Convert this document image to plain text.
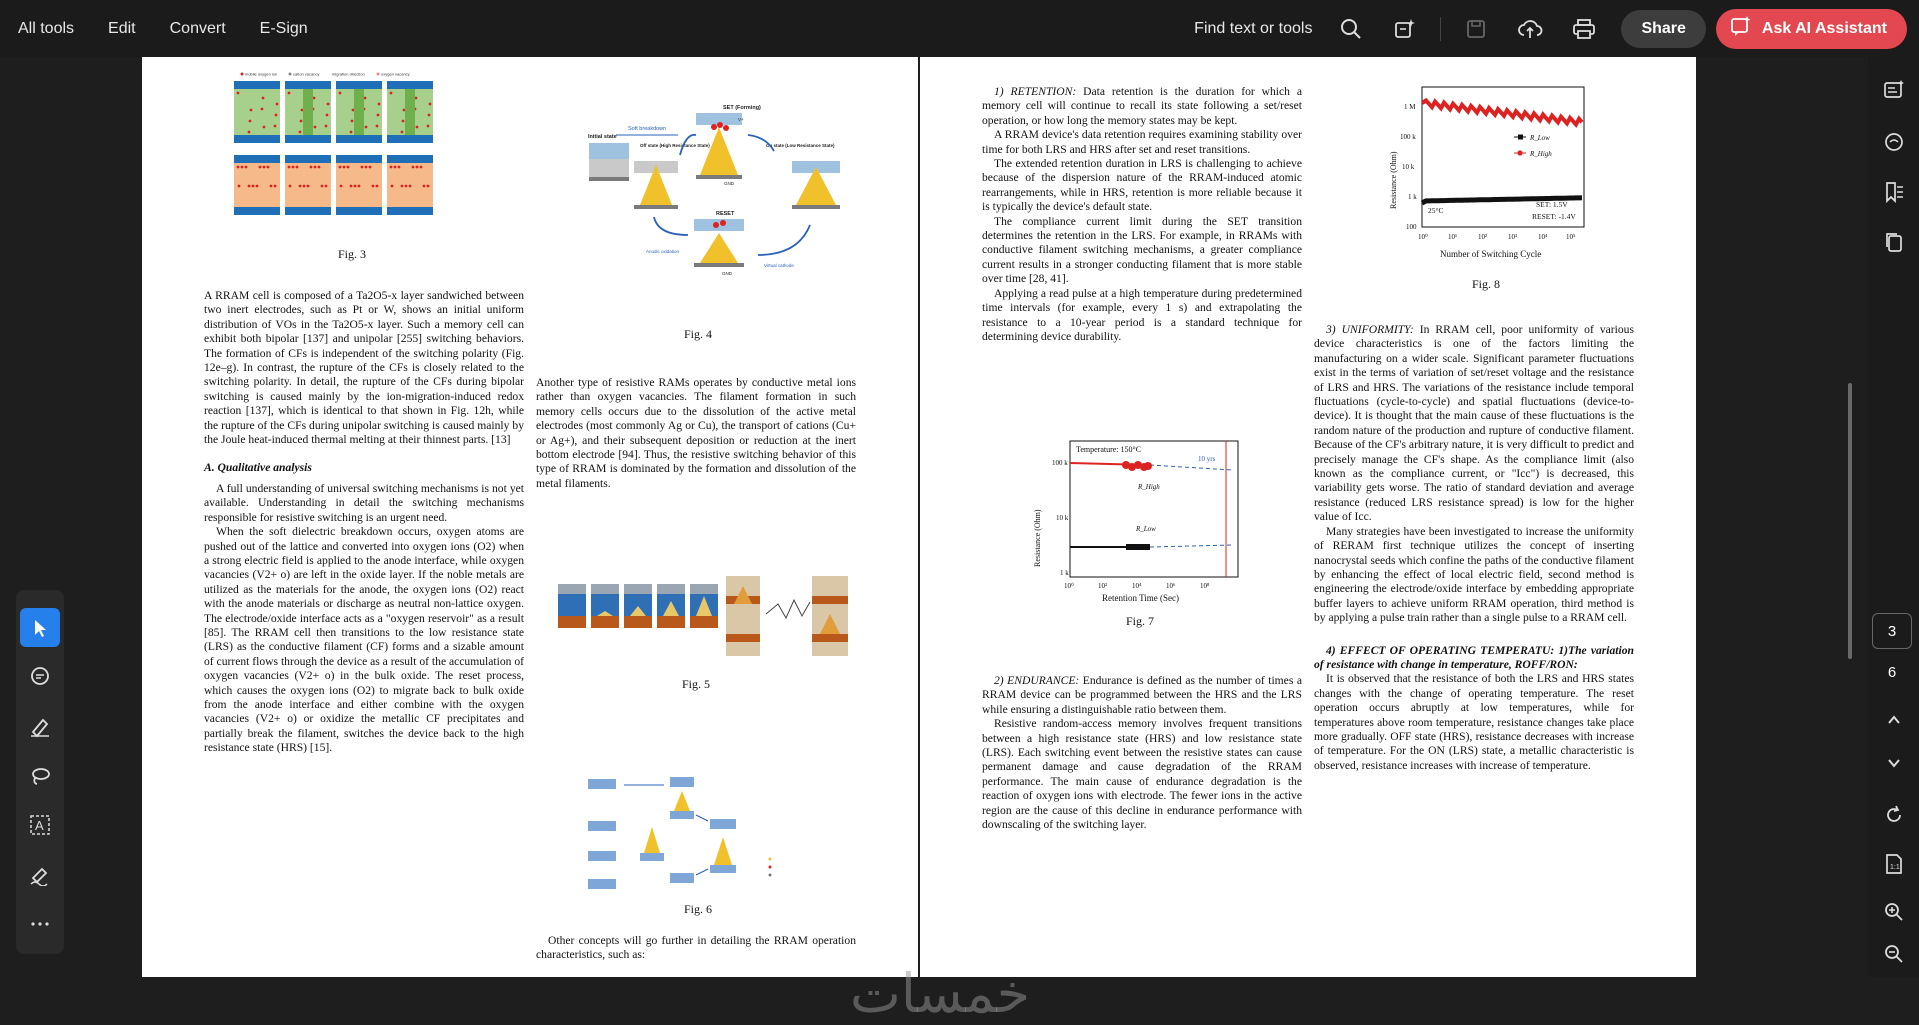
All tools Edit Convert E-Sign	Find text or tools	Share	Ask AI Assistant
mobile oxygen ion	cation vacancy	migration direction	oxygen vacancy
Fig. 3
Soft breakdown
SET (Forming)
Initial state
Off state (High Resistance State)
GND
V+
On state (Low Resistance State)
RESET
GND
Anodic oxidation
Virtual cathode
Fig. 4

A RRAM cell is composed of a Ta2O5-x layer sandwiched between two inert electrodes, such as Pt or W, shows an initial uniform distribution of VOs in the Ta2O5-x layer. Such a memory cell can exhibit both bipolar [137] and unipolar [255] switching behaviors. The formation of CFs is independent of the switching polarity (Fig. 12e–g). In contrast, the rupture of the CFs is closely related to the switching polarity. In detail, the rupture of the CFs during bipolar switching is caused mainly by the ion-migration-induced redox reaction [137], which is identical to that shown in Fig. 12h, while the rupture of the CFs during unipolar switching is caused mainly by the Joule heat-induced thermal melting at their thinnest parts. [13]

A. Qualitative analysis

A full understanding of universal switching mechanisms is not yet available. Understanding in detail the switching mechanisms responsible for resistive switching is an urgent need.

When the soft dielectric breakdown occurs, oxygen atoms are pushed out of the lattice and converted into oxygen ions (O2) when a strong electric field is applied to the anode interface, while oxygen vacancies (V2+ o) are left in the oxide layer. If the noble metals are utilized as the materials for the anode, the oxygen ions (O2) react with the anode materials or discharge as neutral non-lattice oxygen. The electrode/oxide interface acts as a "oxygen reservoir" as a result [85]. The RRAM cell then transitions to the low resistance state (LRS) as the conductive filament (CF) forms and a sizable amount of current flows through the device as a result of the accumulation of oxygen vacancies (V2+ o) in the bulk oxide. The reset process, which causes the oxygen ions (O2) to migrate back to bulk oxide from the anode interface and either combine with the oxygen vacancies (V2+ o) or oxidize the metallic CF precipitates and partially break the filament, switches the device back to the high resistance state (HRS) [15].

Another type of resistive RAMs operates by conductive metal ions rather than oxygen vacancies. The filament formation in such memory cells occurs due to the dissolution of the active metal electrodes (most commonly Ag or Cu), the transport of cations (Cu+ or Ag+), and their subsequent deposition or reduction at the inert bottom electrode [94]. Thus, the resistive switching behavior of this type of RRAM is dominated by the formation and dissolution of the metal filaments.

Fig. 5
Fig. 6

Other concepts will go further in detailing the RRAM operation characteristics, such as:

1) RETENTION: Data retention is the duration for which a memory cell will continue to recall its state following a set/reset operation, or how long the memory states may be kept.

A RRAM device's data retention requires examining stability over time for both LRS and HRS after set and reset transitions.

The extended retention duration in LRS is challenging to achieve because of the dispersion nature of the RRAM-induced atomic rearrangements, while in HRS, retention is more reliable because it is typically the device's default state.

The compliance current limit during the SET transition determines the retention in the LRS. For example, in RRAMs with conductive filament switching mechanisms, a greater compliance current results in a stronger conducting filament that is more stable over time [28, 41].

Applying a read pulse at a high temperature during predetermined time intervals (for example, every 1 s) and extrapolating the resistance to a 10-year period is a standard technique for determining device durability.

Temperature: 150°C
Resistance (Ohm)
Retention Time (Sec)
100 k
10 k
1 k
10⁰	10²	10⁴	10⁶	10⁸
10 yrs
R_High
R_Low
Fig. 7

2) ENDURANCE: Endurance is defined as the number of times a RRAM device can be programmed between the HRS and the LRS while ensuring a distinguishable ratio between them.

Resistive random-access memory involves frequent transitions between a high resistance state (HRS) and low resistance state (LRS). Each switching event between the resistive states can cause permanent damage and cause degradation of the RRAM performance. The main cause of endurance degradation is the reaction of oxygen ions with electrode. The fewer ions in the active region are the cause of this decline in endurance performance with downscaling of the switching layer.

Resistance (Ohm)
Number of Switching Cycle
1 M
100 k
10 k
1 k
100
10⁰	10¹	10²	10³	10⁴	10⁵
R_Low
R_High
25°C
SET: 1.5V
RESET: -1.4V
Fig. 8

3) UNIFORMITY: In RRAM cell, poor uniformity of various device characteristics is one of the factors limiting the manufacturing on a wider scale. Significant parameter fluctuations exist in the terms of variation of set/reset voltage and the resistance of LRS and HRS. The variations of the resistance include temporal fluctuations (cycle-to-cycle) and spatial fluctuations (device-to-device). It is thought that the main cause of these fluctuations is the random nature of the production and rupture of conductive filament. Because of the CF's arbitrary nature, it is very difficult to predict and precisely manage the CF's shape. As the compliance limit (also known as the compliance current, or "Icc") is decreased, this variability gets worse. The ratio of standard deviation and average resistance (reduced LRS resistance spread) is low for the higher value of Icc.

Many strategies have been investigated to increase the uniformity of RERAM first technique utilizes the concept of inserting nanocrystal seeds which confine the paths of the conductive filament by enhancing the effect of local electric field, second method is engineering the electrode/oxide interface by embedding appropriate buffer layers to achieve uniform RRAM operation, third method is by applying a pulse train rather than a single pulse to a RRAM cell.

4) EFFECT OF OPERATING TEMPERATU: 1)The variation of resistance with change in temperature, ROFF/RON:

It is observed that the resistance of both the LRS and HRS states changes with the change of operating temperature. The reset operation occurs abruptly at low temperatures, while for temperatures above room temperature, resistance changes take place more gradually. OFF state (HRS), resistance decreases with increase of temperature. For the ON (LRS) state, a metallic characteristic is observed, resistance increases with increase of temperature.

خمسات
A
1:1
3
6
